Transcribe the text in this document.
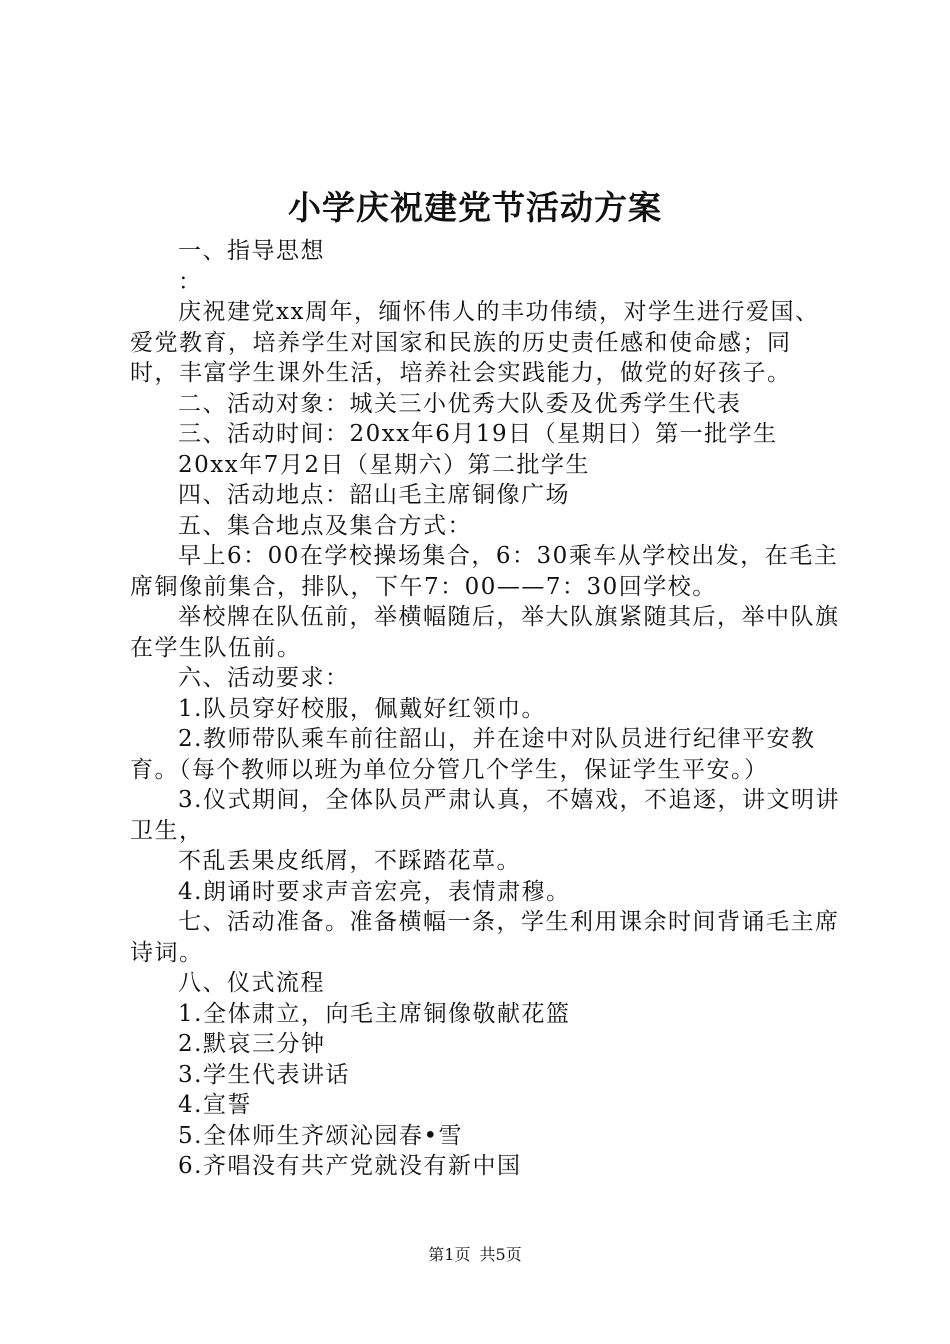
小学庆祝建党节活动方案

一、指导思想

：

庆祝建党xx周年，缅怀伟人的丰功伟绩，对学生进行爱国、爱党教育，培养学生对国家和民族的历史责任感和使命感；同时，丰富学生课外生活，培养社会实践能力，做党的好孩子。

二、活动对象：城关三小优秀大队委及优秀学生代表

三、活动时间：20xx年6月19日（星期日）第一批学生

20xx年7月2日（星期六）第二批学生

四、活动地点：韶山毛主席铜像广场

五、集合地点及集合方式：

早上6：00在学校操场集合，6：30乘车从学校出发，在毛主席铜像前集合，排队，下午7：00——7：30回学校。

举校牌在队伍前，举横幅随后，举大队旗紧随其后，举中队旗在学生队伍前。

六、活动要求：

1.队员穿好校服，佩戴好红领巾。

2.教师带队乘车前往韶山，并在途中对队员进行纪律平安教育。（每个教师以班为单位分管几个学生，保证学生平安。）

3.仪式期间，全体队员严肃认真，不嬉戏，不追逐，讲文明讲卫生，

不乱丢果皮纸屑，不踩踏花草。

4.朗诵时要求声音宏亮，表情肃穆。

七、活动准备。准备横幅一条，学生利用课余时间背诵毛主席诗词。

八、仪式流程

1.全体肃立，向毛主席铜像敬献花篮

2.默哀三分钟

3.学生代表讲话

4.宣誓

5.全体师生齐颂沁园春•雪

6.齐唱没有共产党就没有新中国

第1页 共5页
